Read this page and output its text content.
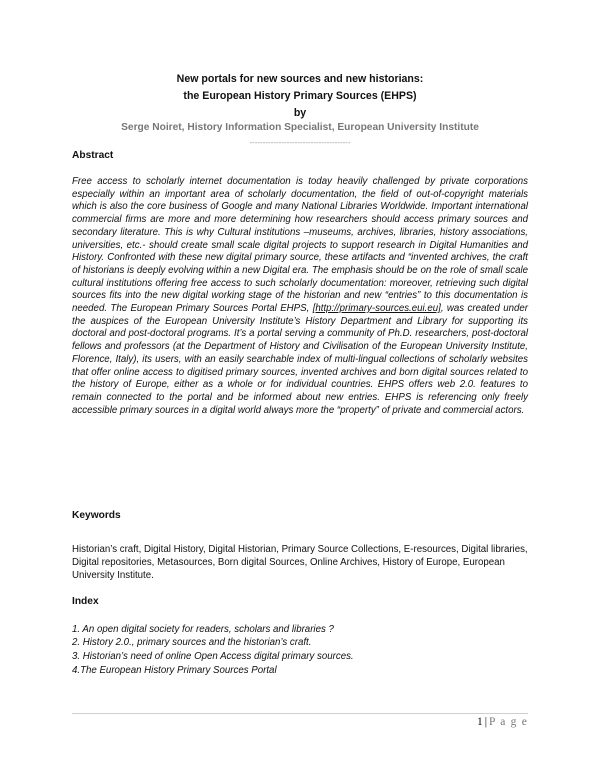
New portals for new sources and new historians:
the European History Primary Sources (EHPS)
by
Serge Noiret, History Information Specialist, European University Institute
--------------------------------------
Abstract
Free access to scholarly internet documentation is today heavily challenged by private corporations especially within an important area of scholarly documentation, the field of out-of-copyright materials which is also the core business of Google and many National Libraries Worldwide. Important international commercial firms are more and more determining how researchers should access primary sources and secondary literature. This is why Cultural institutions –museums, archives, libraries, history associations, universities, etc.- should create small scale digital projects to support research in Digital Humanities and History. Confronted with these new digital primary source, these artifacts and “invented archives, the craft of historians is deeply evolving within a new Digital era. The emphasis should be on the role of small scale cultural institutions offering free access to such scholarly documentation: moreover, retrieving such digital sources fits into the new digital working stage of the historian and new “entries” to this documentation is needed. The European Primary Sources Portal EHPS, [http://primary-sources.eui.eu], was created under the auspices of the European University Institute’s History Department and Library for supporting its doctoral and post-doctoral programs. It’s a portal serving a community of Ph.D. researchers, post-doctoral fellows and professors (at the Department of History and Civilisation of the European University Institute, Florence, Italy), its users, with an easily searchable index of multi-lingual collections of scholarly websites that offer online access to digitised primary sources, invented archives and born digital sources related to the history of Europe, either as a whole or for individual countries. EHPS offers web 2.0. features to remain connected to the portal and be informed about new entries. EHPS is referencing only freely accessible primary sources in a digital world always more the “property” of private and commercial actors.
Keywords
Historian’s craft, Digital History, Digital Historian, Primary Source Collections, E-resources, Digital libraries, Digital repositories, Metasources, Born digital Sources, Online Archives, History of Europe, European University Institute.
Index
1. An open digital society for readers, scholars and libraries ?
2. History 2.0., primary sources and the historian’s craft.
3. Historian’s need of online Open Access digital primary sources.
4.The European History Primary Sources Portal
1 | P a g e
